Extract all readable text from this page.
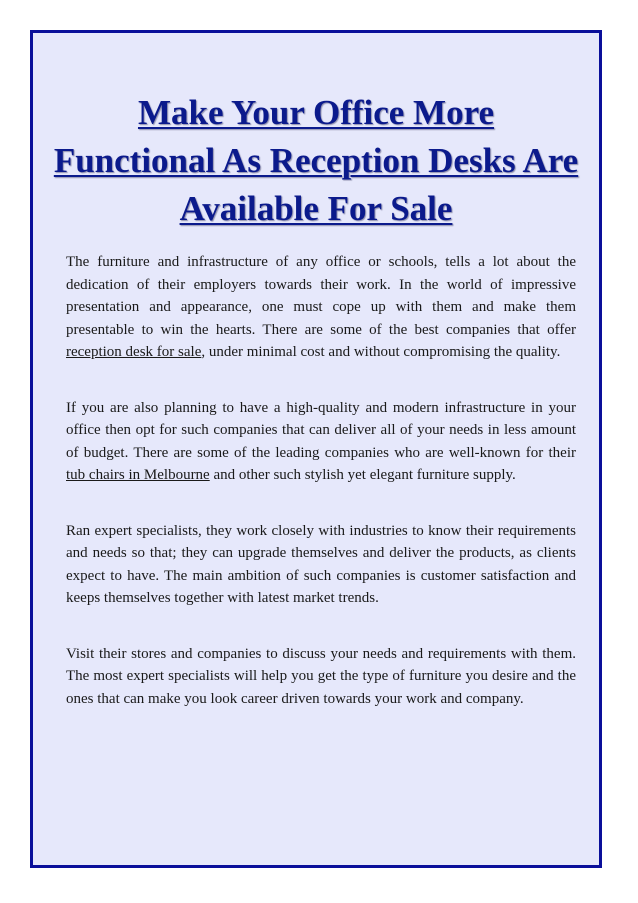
Make Your Office More Functional As Reception Desks Are Available For Sale

The furniture and infrastructure of any office or schools, tells a lot about the dedication of their employers towards their work. In the world of impressive presentation and appearance, one must cope up with them and make them presentable to win the hearts. There are some of the best companies that offer reception desk for sale, under minimal cost and without compromising the quality.

If you are also planning to have a high-quality and modern infrastructure in your office then opt for such companies that can deliver all of your needs in less amount of budget. There are some of the leading companies who are well-known for their tub chairs in Melbourne and other such stylish yet elegant furniture supply.

Ran expert specialists, they work closely with industries to know their requirements and needs so that; they can upgrade themselves and deliver the products, as clients expect to have. The main ambition of such companies is customer satisfaction and keeps themselves together with latest market trends.

Visit their stores and companies to discuss your needs and requirements with them. The most expert specialists will help you get the type of furniture you desire and the ones that can make you look career driven towards your work and company.
